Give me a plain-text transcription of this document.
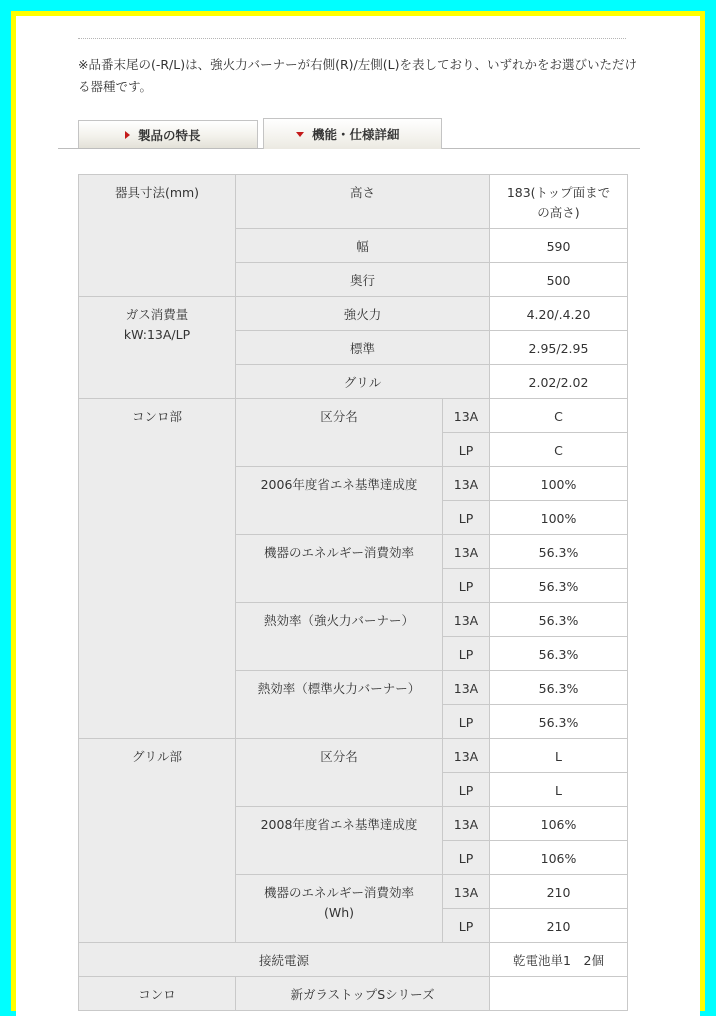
※品番末尾の(-R/L)は、強火力バーナーが右側(R)/左側(L)を表しており、いずれかをお選びいただける器種です。
製品の特長	機能・仕様詳細
器具寸法(mm)	高さ		183(トップ面までの高さ)
	幅		590
	奥行		500
ガス消費量
kW:13A/LP	強火力		4.20/.4.20
	標準		2.95/2.95
	グリル		2.02/2.02
コンロ部	区分名	13A	C
		LP	C
	2006年度省エネ基準達成度	13A	100%
		LP	100%
	機器のエネルギー消費効率	13A	56.3%
		LP	56.3%
	熱効率（強火力バーナー）	13A	56.3%
		LP	56.3%
	熱効率（標準火力バーナー）	13A	56.3%
		LP	56.3%
グリル部	区分名	13A	L
		LP	L
	2008年度省エネ基準達成度	13A	106%
		LP	106%
	機器のエネルギー消費効率
(Wh)	13A	210
		LP	210
接続電源			乾電池単1　2個
コンロ	新ガラストップSシリーズ		
